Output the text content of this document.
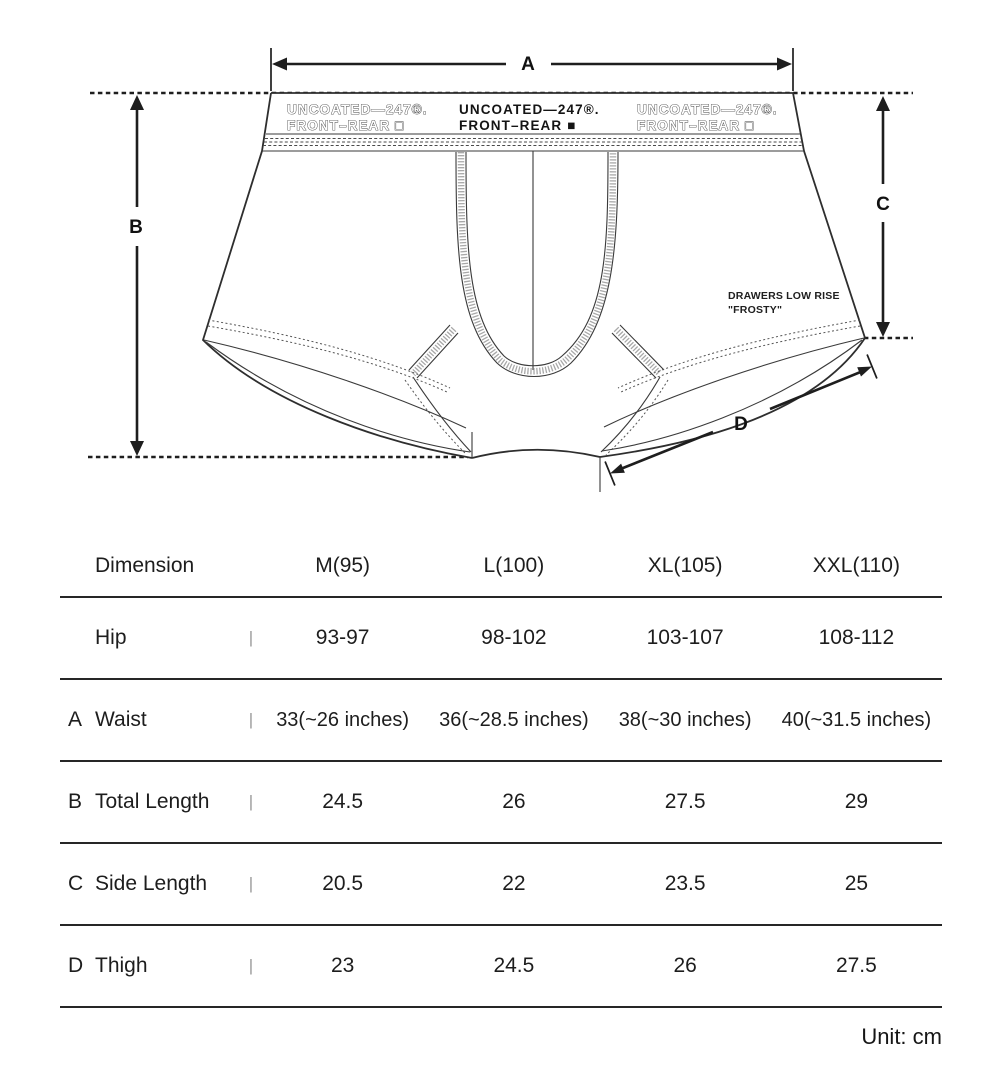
UNCOATED—247®.
FRONT–REAR □
UNCOATED—247®.
FRONT–REAR ■
UNCOATED—247®.
FRONT–REAR □
DRAWERS LOW RISE
"FROSTY"
A
B
C
D
Dimension	M(95)	L(100)	XL(105)	XXL(110)
Hip	|	93-97	98-102	103-107	108-112
A Waist	|	33(~26 inches)	36(~28.5 inches)	38(~30 inches)	40(~31.5 inches)
B Total Length	|	24.5	26	27.5	29
C Side Length	|	20.5	22	23.5	25
D Thigh	|	23	24.5	26	27.5
Unit: cm
